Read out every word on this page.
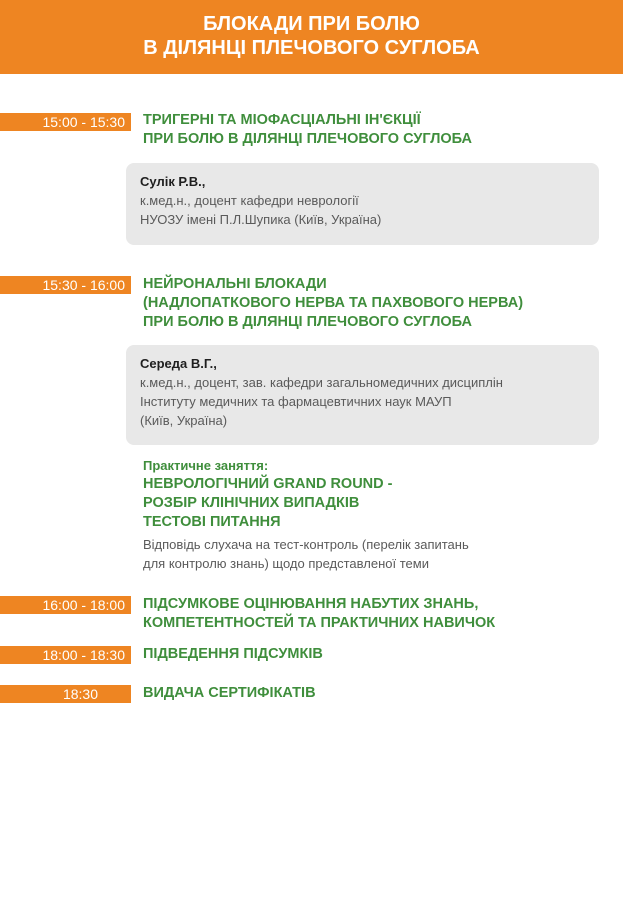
БЛОКАДИ ПРИ БОЛЮ
В ДІЛЯНЦІ ПЛЕЧОВОГО СУГЛОБА
15:00 - 15:30	ТРИГЕРНІ ТА МІОФАСЦІАЛЬНІ ІН'ЄКЦІЇ
ПРИ БОЛЮ В ДІЛЯНЦІ ПЛЕЧОВОГО СУГЛОБА
Сулік Р.В.,
к.мед.н., доцент кафедри неврології
НУОЗУ імені П.Л.Шупика (Київ, Україна)
15:30 - 16:00	НЕЙРОНАЛЬНІ БЛОКАДИ
(НАДЛОПАТКОВОГО НЕРВА ТА ПАХВОВОГО НЕРВА)
ПРИ БОЛЮ В ДІЛЯНЦІ ПЛЕЧОВОГО СУГЛОБА
Середа В.Г.,
к.мед.н., доцент, зав. кафедри загальномедичних дисциплін
Інституту медичних та фармацевтичних наук МАУП
(Київ, Україна)
Практичне заняття:
НЕВРОЛОГІЧНИЙ GRAND ROUND -
РОЗБІР КЛІНІЧНИХ ВИПАДКІВ
ТЕСТОВІ ПИТАННЯ
Відповідь слухача на тест-контроль (перелік запитань
для контролю знань) щодо представленої теми
16:00 - 18:00	ПІДСУМКОВЕ ОЦІНЮВАННЯ НАБУТИХ ЗНАНЬ,
КОМПЕТЕНТНОСТЕЙ ТА ПРАКТИЧНИХ НАВИЧОК
18:00 - 18:30	ПІДВЕДЕННЯ ПІДСУМКІВ
18:30	ВИДАЧА СЕРТИФІКАТІВ
